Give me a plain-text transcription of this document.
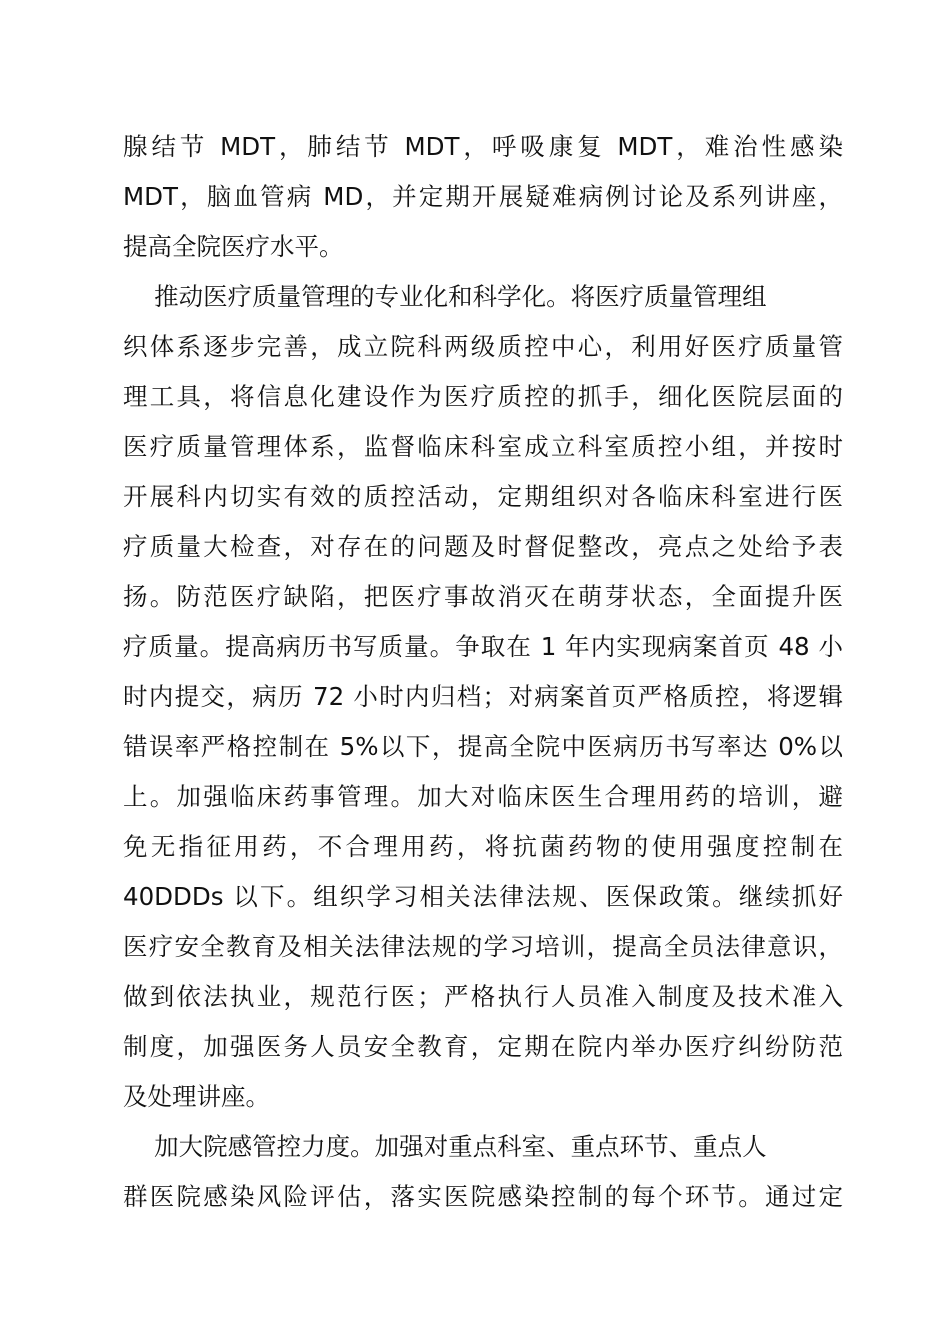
腺结节 MDT，肺结节 MDT，呼吸康复 MDT，难治性感染
MDT，脑血管病 MD，并定期开展疑难病例讨论及系列讲座，
提高全院医疗水平。
推动医疗质量管理的专业化和科学化。将医疗质量管理组
织体系逐步完善，成立院科两级质控中心，利用好医疗质量管
理工具，将信息化建设作为医疗质控的抓手，细化医院层面的
医疗质量管理体系，监督临床科室成立科室质控小组，并按时
开展科内切实有效的质控活动，定期组织对各临床科室进行医
疗质量大检查，对存在的问题及时督促整改，亮点之处给予表
扬。防范医疗缺陷，把医疗事故消灭在萌芽状态，全面提升医
疗质量。提高病历书写质量。争取在 1 年内实现病案首页 48 小
时内提交，病历 72 小时内归档；对病案首页严格质控，将逻辑
错误率严格控制在 5%以下，提高全院中医病历书写率达 0%以
上。加强临床药事管理。加大对临床医生合理用药的培训，避
免无指征用药，不合理用药，将抗菌药物的使用强度控制在
40DDDs 以下。组织学习相关法律法规、医保政策。继续抓好
医疗安全教育及相关法律法规的学习培训，提高全员法律意识，
做到依法执业，规范行医；严格执行人员准入制度及技术准入
制度，加强医务人员安全教育，定期在院内举办医疗纠纷防范
及处理讲座。
加大院感管控力度。加强对重点科室、重点环节、重点人
群医院感染风险评估，落实医院感染控制的每个环节。通过定
